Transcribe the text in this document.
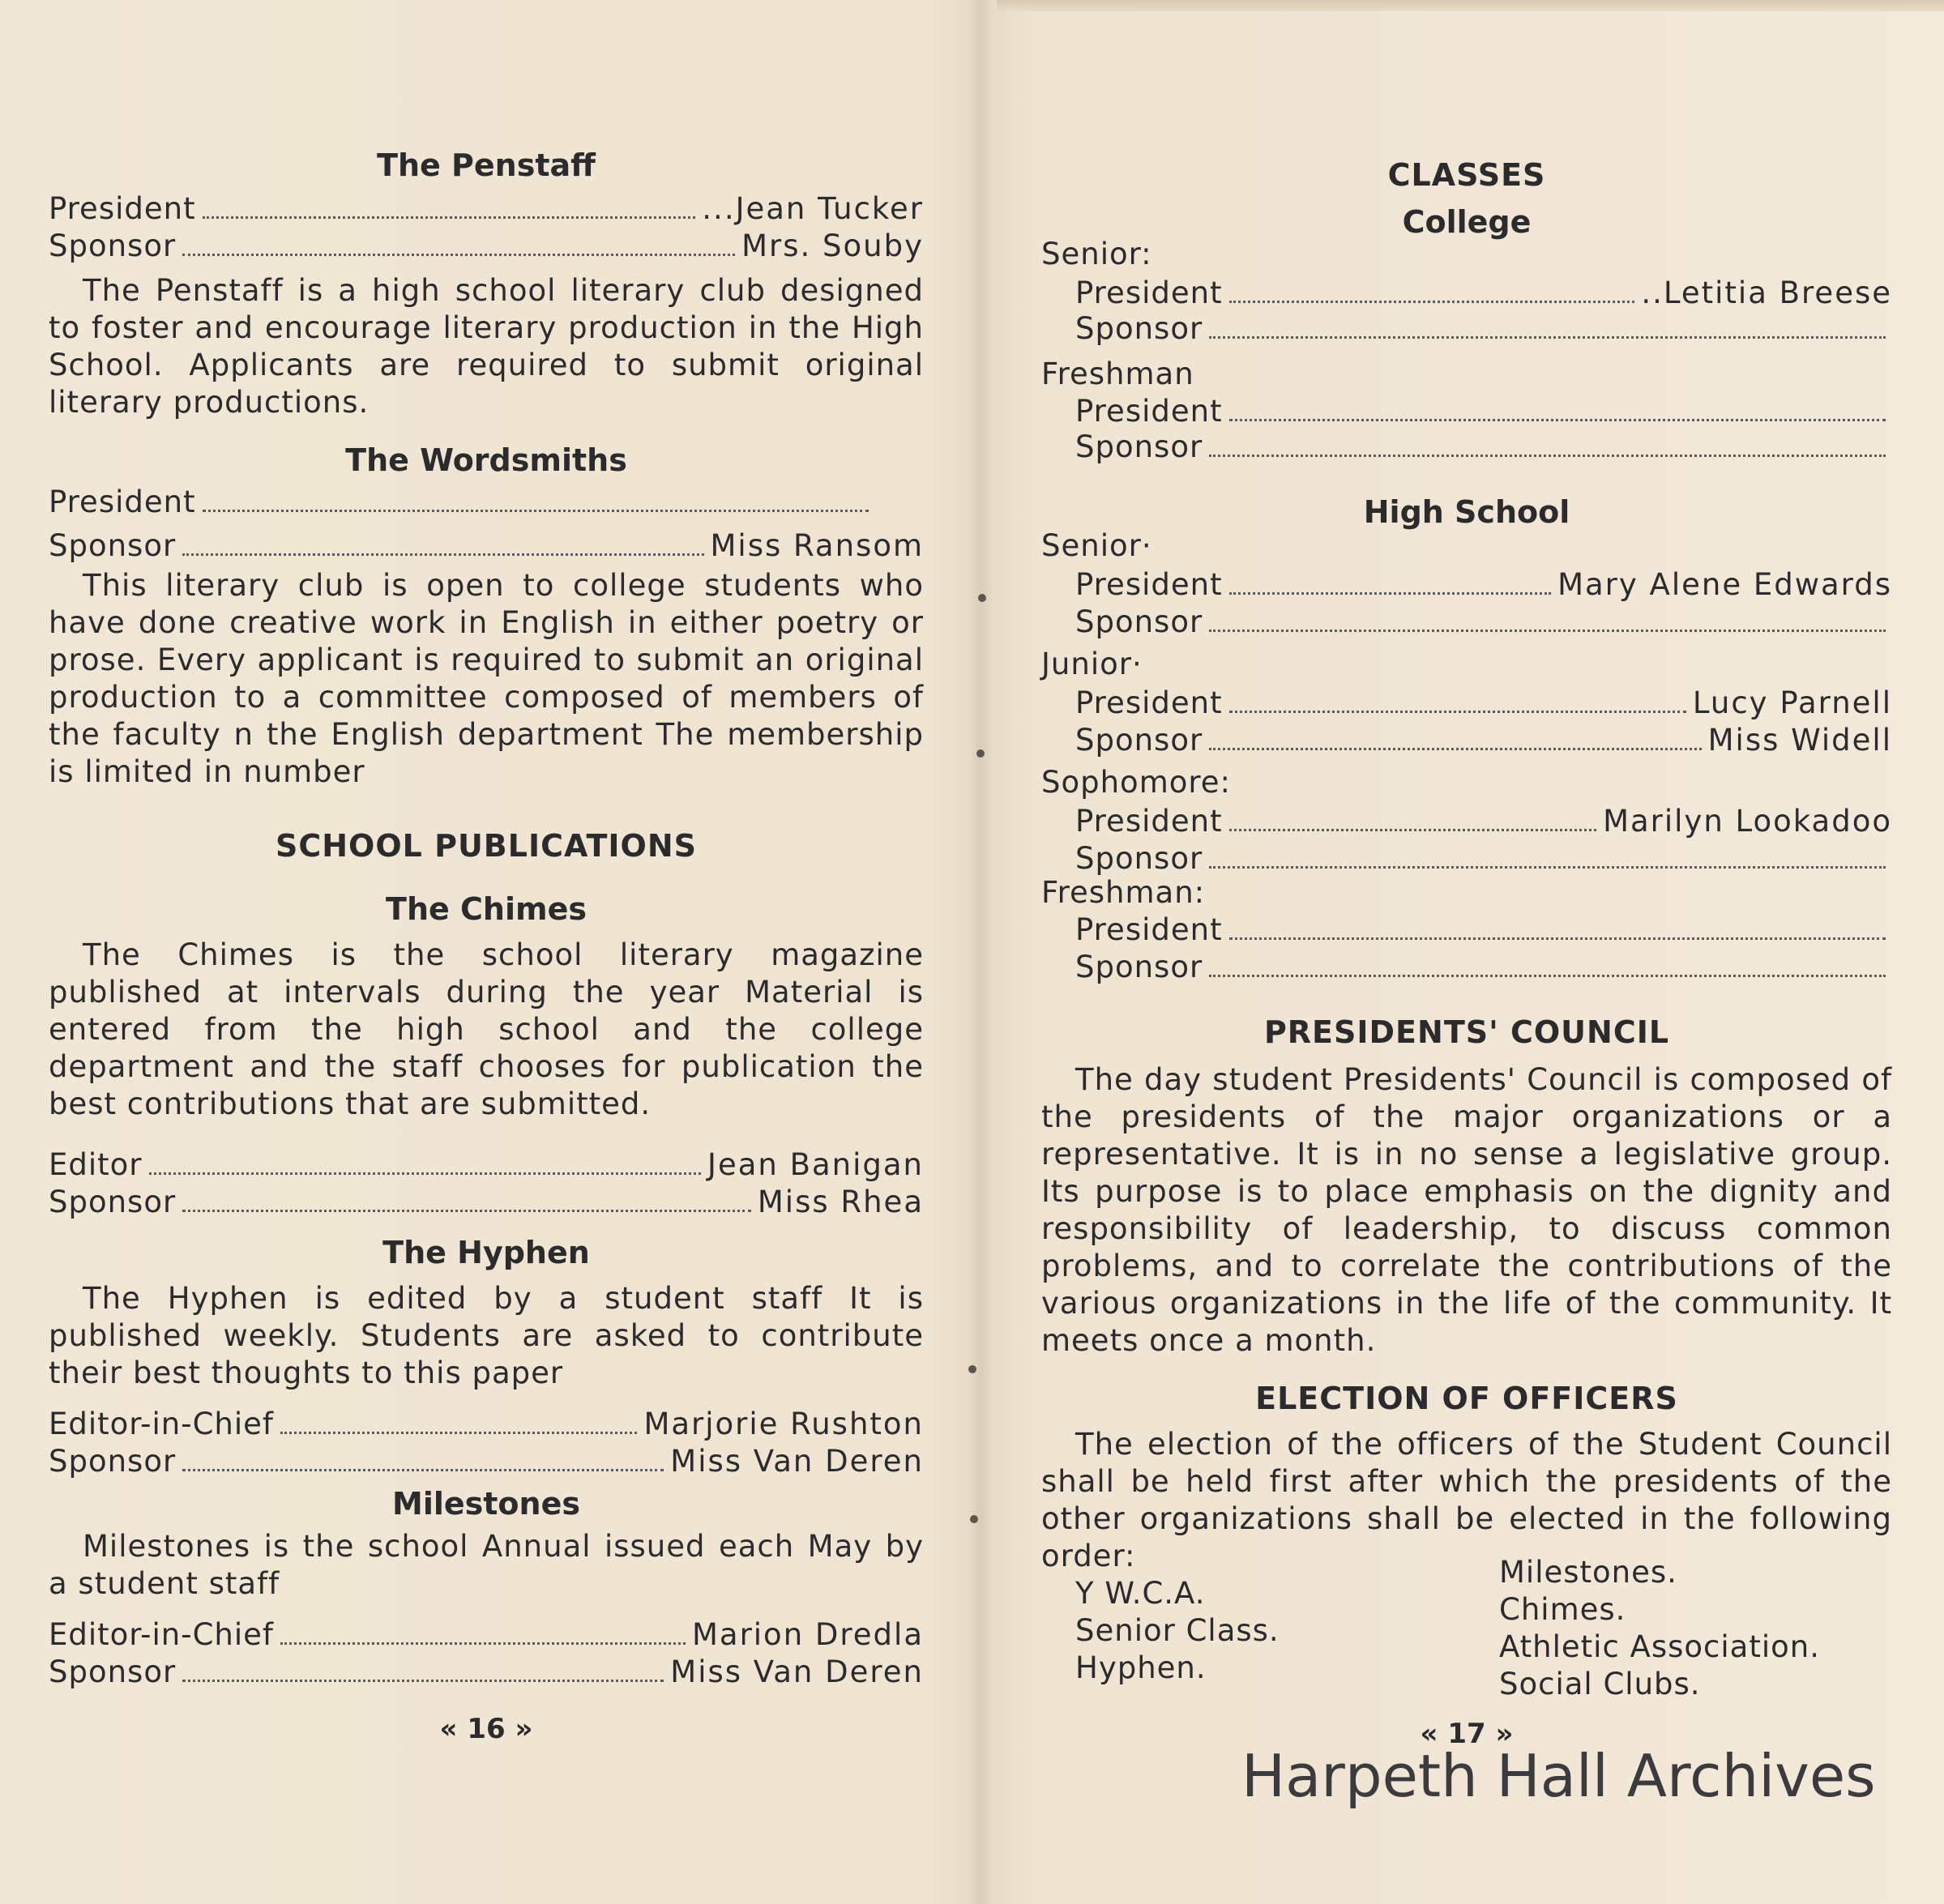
The Penstaff
President	...Jean Tucker
Sponsor	Mrs. Souby
The Penstaff is a high school literary club designed to foster and encourage literary production in the High School. Applicants are required to submit original literary productions.
The Wordsmiths
President
Sponsor	Miss Ransom
This literary club is open to college students who have done creative work in English in either poetry or prose. Every applicant is required to submit an original production to a committee composed of members of the faculty n the English department The membership is limited in number
SCHOOL PUBLICATIONS
The Chimes
The Chimes is the school literary magazine published at intervals during the year Material is entered from the high school and the college department and the staff chooses for publication the best contributions that are submitted.
Editor	Jean Banigan
Sponsor	Miss Rhea
The Hyphen
The Hyphen is edited by a student staff It is published weekly. Students are asked to contribute their best thoughts to this paper
Editor-in-Chief	Marjorie Rushton
Sponsor	Miss Van Deren
Milestones
Milestones is the school Annual issued each May by a student staff
Editor-in-Chief	Marion Dredla
Sponsor	Miss Van Deren
« 16 »
CLASSES
College
Senior:
President	..Letitia Breese
Sponsor
Freshman
President
Sponsor
High School
Senior·
President	Mary Alene Edwards
Sponsor
Junior·
President	Lucy Parnell
Sponsor	Miss Widell
Sophomore:
President	Marilyn Lookadoo
Sponsor
Freshman:
President
Sponsor
PRESIDENTS' COUNCIL
The day student Presidents' Council is composed of the presidents of the major organizations or a representative. It is in no sense a legislative group. Its purpose is to place emphasis on the dignity and responsibility of leadership, to discuss common problems, and to correlate the contributions of the various organizations in the life of the community. It meets once a month.
ELECTION OF OFFICERS
The election of the officers of the Student Council shall be held first after which the presidents of the other organizations shall be elected in the following order:
Y W.C.A.
Senior Class.
Hyphen.
Milestones.
Chimes.
Athletic Association.
Social Clubs.
« 17 »
Harpeth Hall Archives
